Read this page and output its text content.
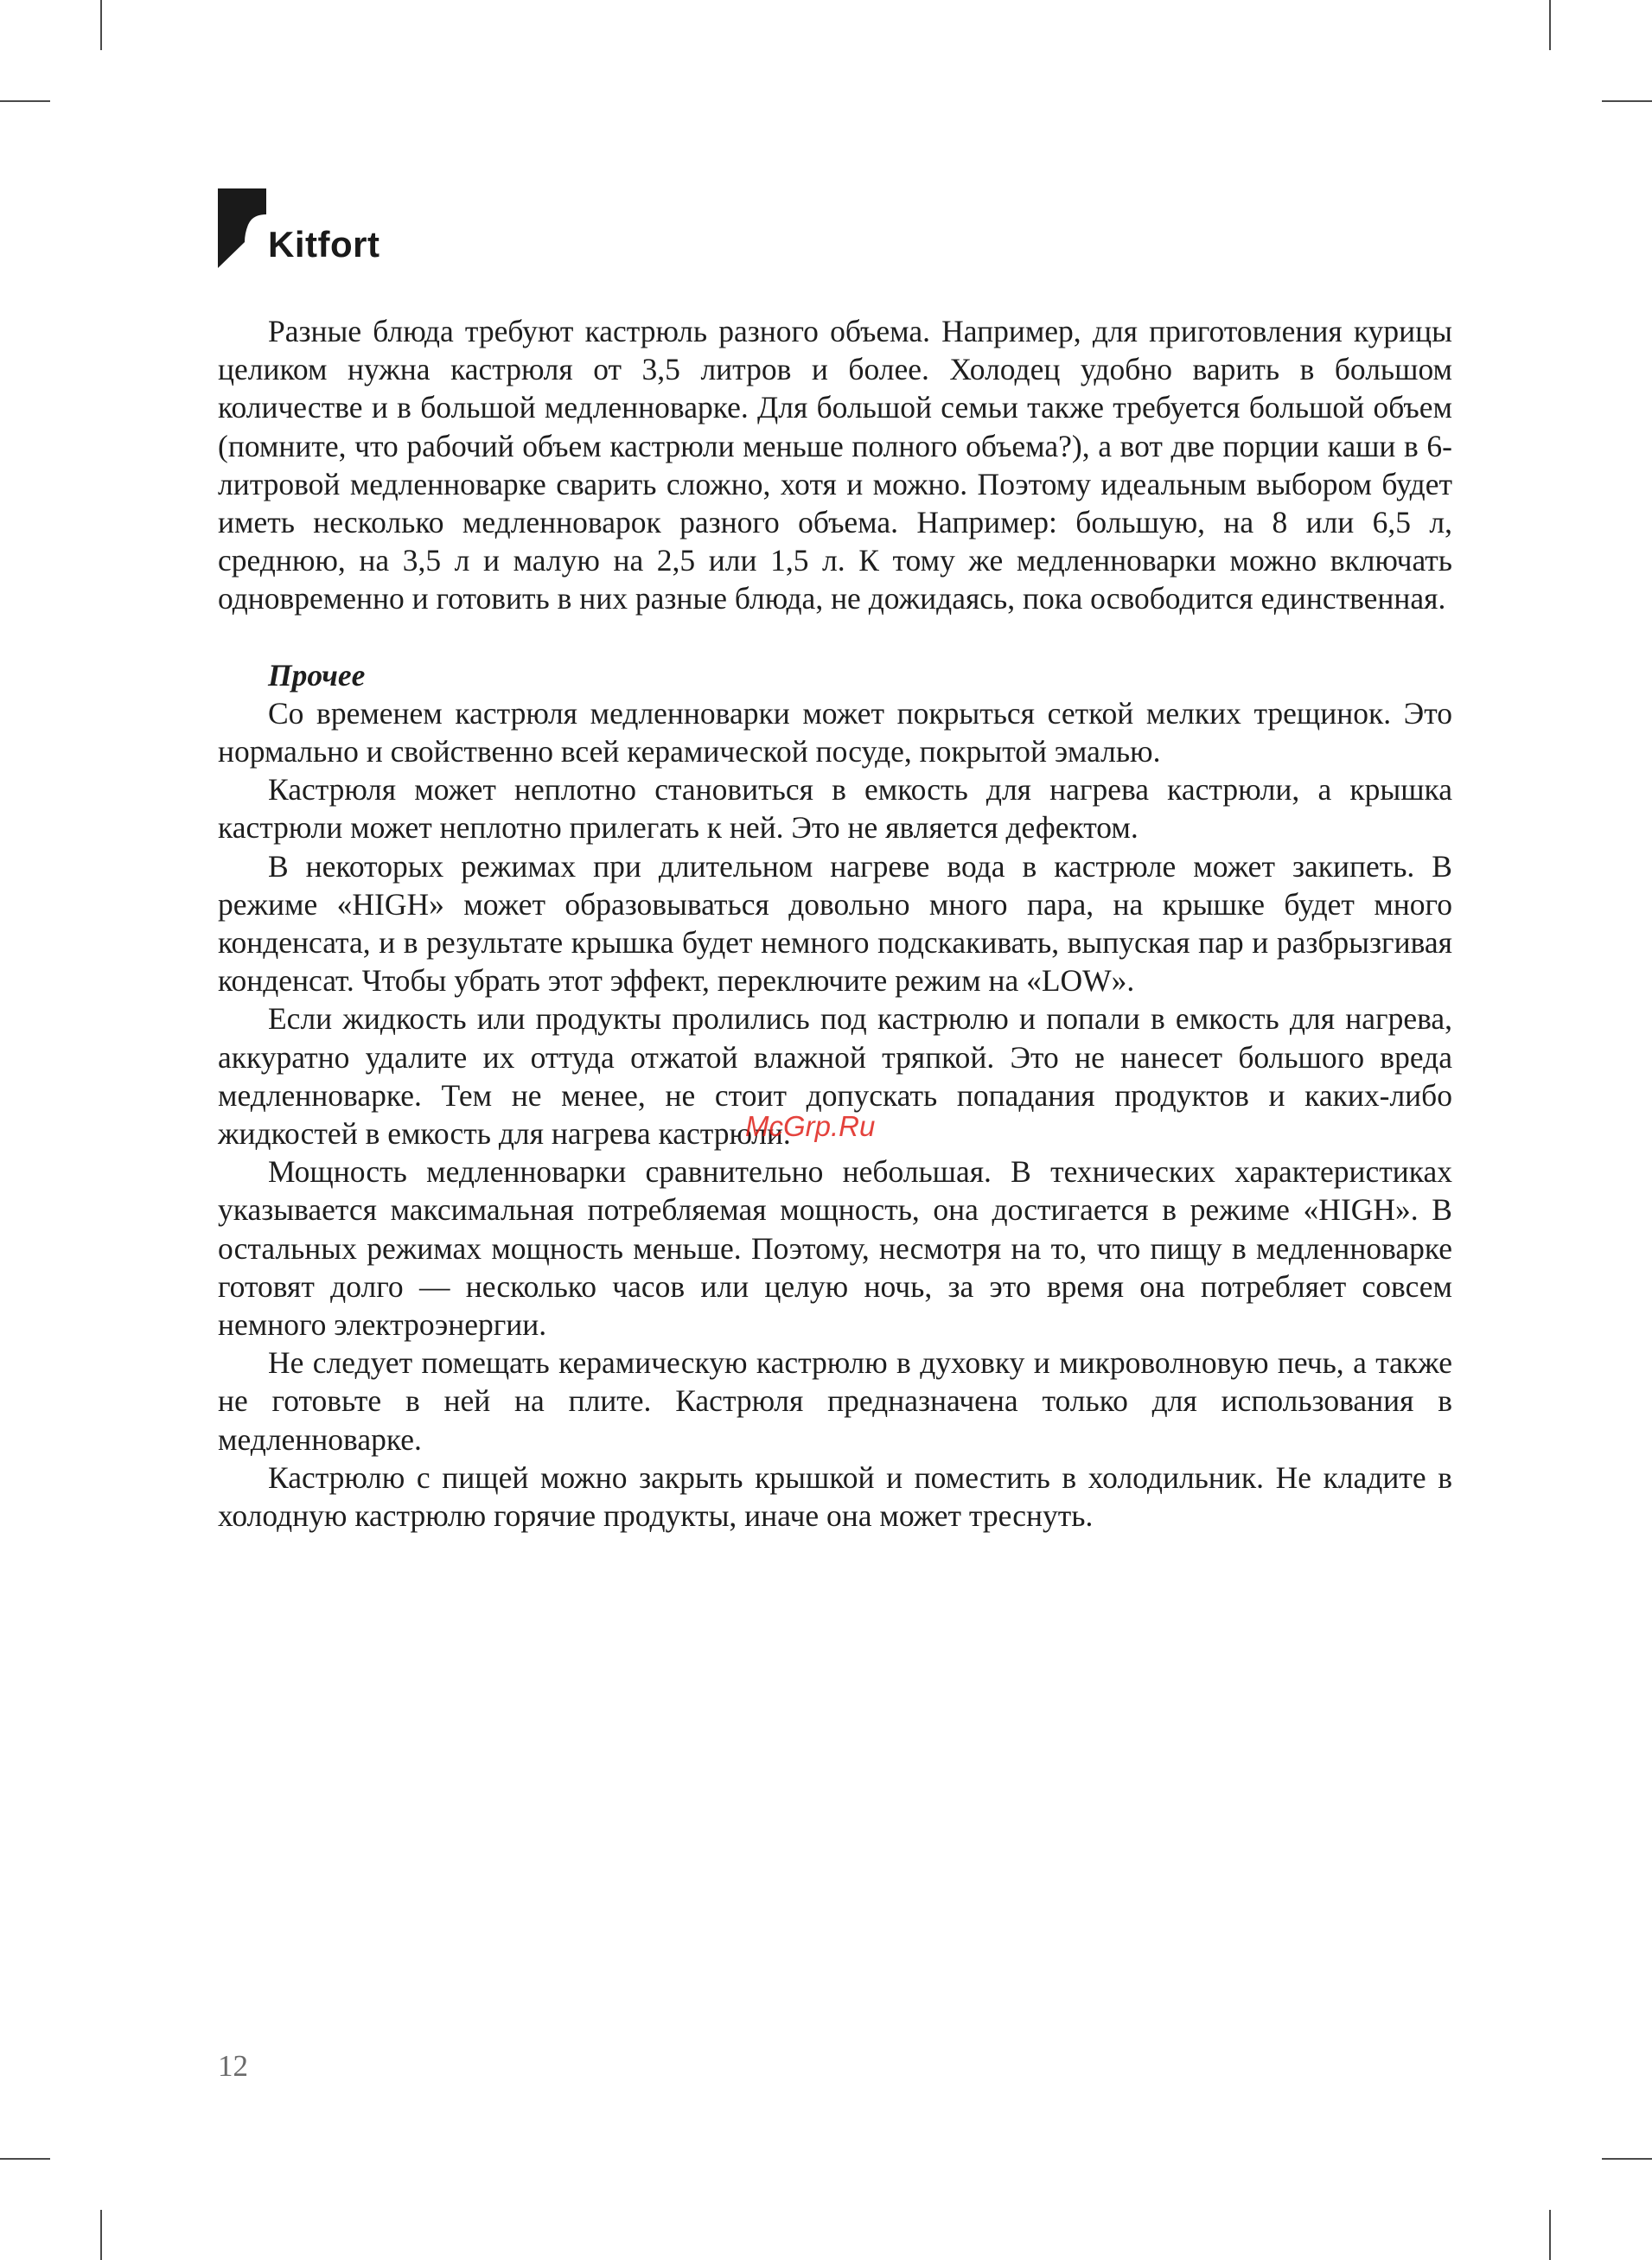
Kitfort

Разные блюда требуют кастрюль разного объема. Например, для приготовления курицы целиком нужна кастрюля от 3,5 литров и более. Холодец удобно варить в большом количестве и в большой медленноварке. Для большой семьи также требуется большой объем (помните, что рабочий объем кастрюли меньше полного объема?), а вот две порции каши в 6-литровой медленноварке сварить сложно, хотя и можно. Поэтому идеальным выбором будет иметь несколько медленноварок разного объема. Например: большую, на 8 или 6,5 л, среднюю, на 3,5 л и малую на 2,5 или 1,5 л. К тому же медленноварки можно включать одновременно и готовить в них разные блюда, не дожидаясь, пока освободится единственная.

Прочее

Со временем кастрюля медленноварки может покрыться сеткой мелких трещинок. Это нормально и свойственно всей керамической посуде, покрытой эмалью.

Кастрюля может неплотно становиться в емкость для нагрева кастрюли, а крышка кастрюли может неплотно прилегать к ней. Это не является дефектом.

В некоторых режимах при длительном нагреве вода в кастрюле может закипеть. В режиме «HIGH» может образовываться довольно много пара, на крышке будет много конденсата, и в результате крышка будет немного подскакивать, выпуская пар и разбрызгивая конденсат. Чтобы убрать этот эффект, переключите режим на «LOW».

Если жидкость или продукты пролились под кастрюлю и попали в емкость для нагрева, аккуратно удалите их оттуда отжатой влажной тряпкой. Это не нанесет большого вреда медленноварке. Тем не менее, не стоит допускать попадания продуктов и каких-либо жидкостей в емкость для нагрева кастрюли.

Мощность медленноварки сравнительно небольшая. В технических характеристиках указывается максимальная потребляемая мощность, она достигается в режиме «HIGH». В остальных режимах мощность меньше. Поэтому, несмотря на то, что пищу в медленноварке готовят долго — несколько часов или целую ночь, за это время она потребляет совсем немного электроэнергии.

Не следует помещать керамическую кастрюлю в духовку и микроволновую печь, а также не готовьте в ней на плите. Кастрюля предназначена только для использования в медленноварке.

Кастрюлю с пищей можно закрыть крышкой и поместить в холодильник. Не кладите в холодную кастрюлю горячие продукты, иначе она может треснуть.

McGrp.Ru
12
